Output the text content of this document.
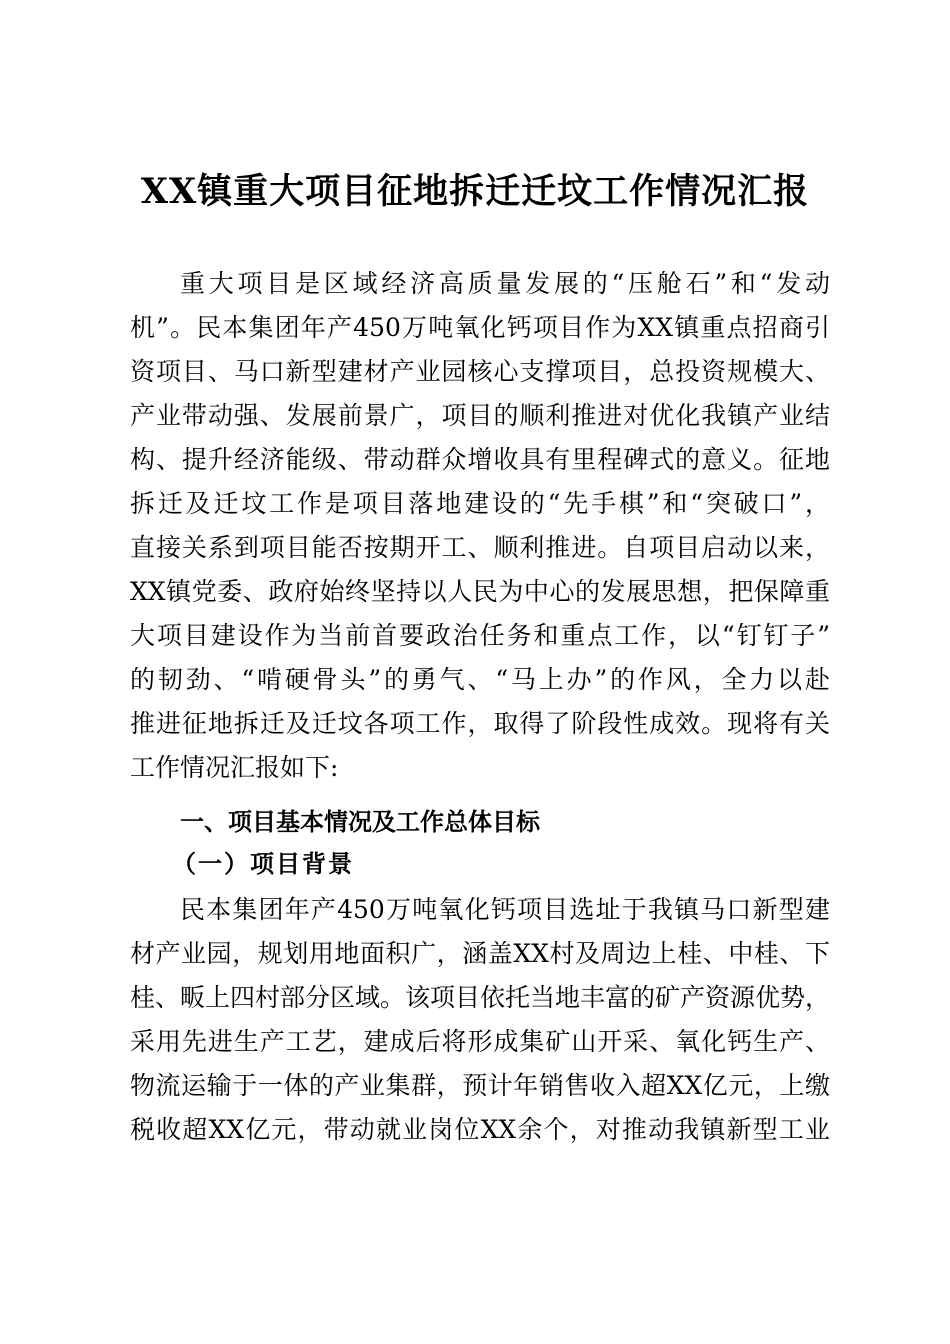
XX镇重大项目征地拆迁迁坟工作情况汇报
重大项目是区域经济高质量发展的“压舱石”和“发动
机”。民本集团年产450万吨氧化钙项目作为XX镇重点招商引
资项目、马口新型建材产业园核心支撑项目，总投资规模大、
产业带动强、发展前景广，项目的顺利推进对优化我镇产业结
构、提升经济能级、带动群众增收具有里程碑式的意义。征地
拆迁及迁坟工作是项目落地建设的“先手棋”和“突破口”，
直接关系到项目能否按期开工、顺利推进。自项目启动以来，
XX镇党委、政府始终坚持以人民为中心的发展思想，把保障重
大项目建设作为当前首要政治任务和重点工作，以“钉钉子”
的韧劲、“啃硬骨头”的勇气、“马上办”的作风，全力以赴
推进征地拆迁及迁坟各项工作，取得了阶段性成效。现将有关
工作情况汇报如下:
一、项目基本情况及工作总体目标
（一）项目背景
民本集团年产450万吨氧化钙项目选址于我镇马口新型建
材产业园，规划用地面积广，涵盖XX村及周边上桂、中桂、下
桂、畈上四村部分区域。该项目依托当地丰富的矿产资源优势，
采用先进生产工艺，建成后将形成集矿山开采、氧化钙生产、
物流运输于一体的产业集群，预计年销售收入超XX亿元，上缴
税收超XX亿元，带动就业岗位XX余个，对推动我镇新型工业
